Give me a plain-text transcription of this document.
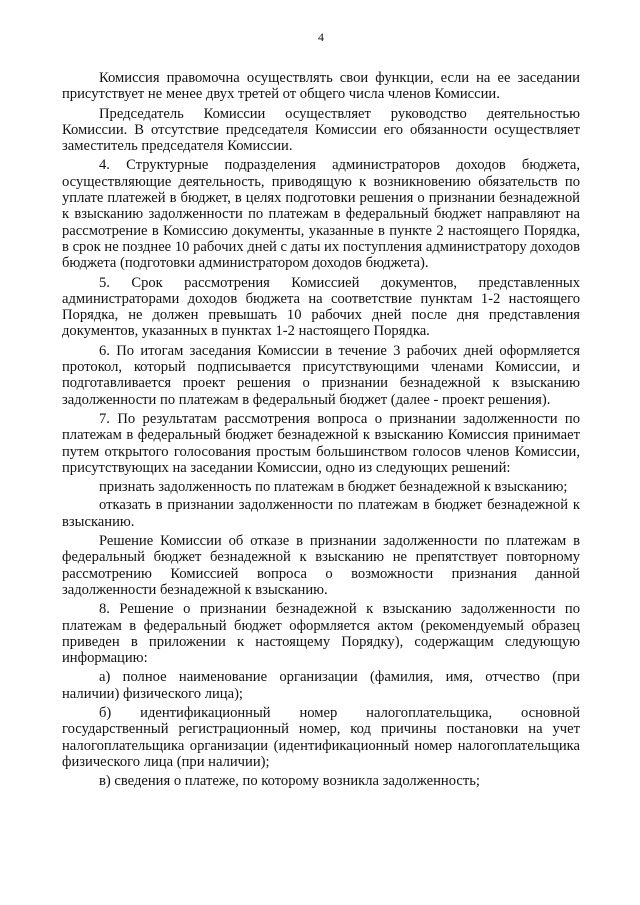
4

Комиссия правомочна осуществлять свои функции, если на ее заседании присутствует не менее двух третей от общего числа членов Комиссии.

Председатель Комиссии осуществляет руководство деятельностью Комиссии. В отсутствие председателя Комиссии его обязанности осуществляет заместитель председателя Комиссии.

4. Структурные подразделения администраторов доходов бюджета, осуществляющие деятельность, приводящую к возникновению обязательств по уплате платежей в бюджет, в целях подготовки решения о признании безнадежной к взысканию задолженности по платежам в федеральный бюджет направляют на рассмотрение в Комиссию документы, указанные в пункте 2 настоящего Порядка, в срок не позднее 10 рабочих дней с даты их поступления администратору доходов бюджета (подготовки администратором доходов бюджета).

5. Срок рассмотрения Комиссией документов, представленных администраторами доходов бюджета на соответствие пунктам 1-2 настоящего Порядка, не должен превышать 10 рабочих дней после дня представления документов, указанных в пунктах 1-2 настоящего Порядка.

6. По итогам заседания Комиссии в течение 3 рабочих дней оформляется протокол, который подписывается присутствующими членами Комиссии, и подготавливается проект решения о признании безнадежной к взысканию задолженности по платежам в федеральный бюджет (далее - проект решения).

7. По результатам рассмотрения вопроса о признании задолженности по платежам в федеральный бюджет безнадежной к взысканию Комиссия принимает путем открытого голосования простым большинством голосов членов Комиссии, присутствующих на заседании Комиссии, одно из следующих решений:

признать задолженность по платежам в бюджет безнадежной к взысканию;

отказать в признании задолженности по платежам в бюджет безнадежной к взысканию.

Решение Комиссии об отказе в признании задолженности по платежам в федеральный бюджет безнадежной к взысканию не препятствует повторному рассмотрению Комиссией вопроса о возможности признания данной задолженности безнадежной к взысканию.

8. Решение о признании безнадежной к взысканию задолженности по платежам в федеральный бюджет оформляется актом (рекомендуемый образец приведен в приложении к настоящему Порядку), содержащим следующую информацию:

а) полное наименование организации (фамилия, имя, отчество (при наличии) физического лица);

б) идентификационный номер налогоплательщика, основной государственный регистрационный номер, код причины постановки на учет налогоплательщика организации (идентификационный номер налогоплательщика физического лица (при наличии);

в) сведения о платеже, по которому возникла задолженность;
